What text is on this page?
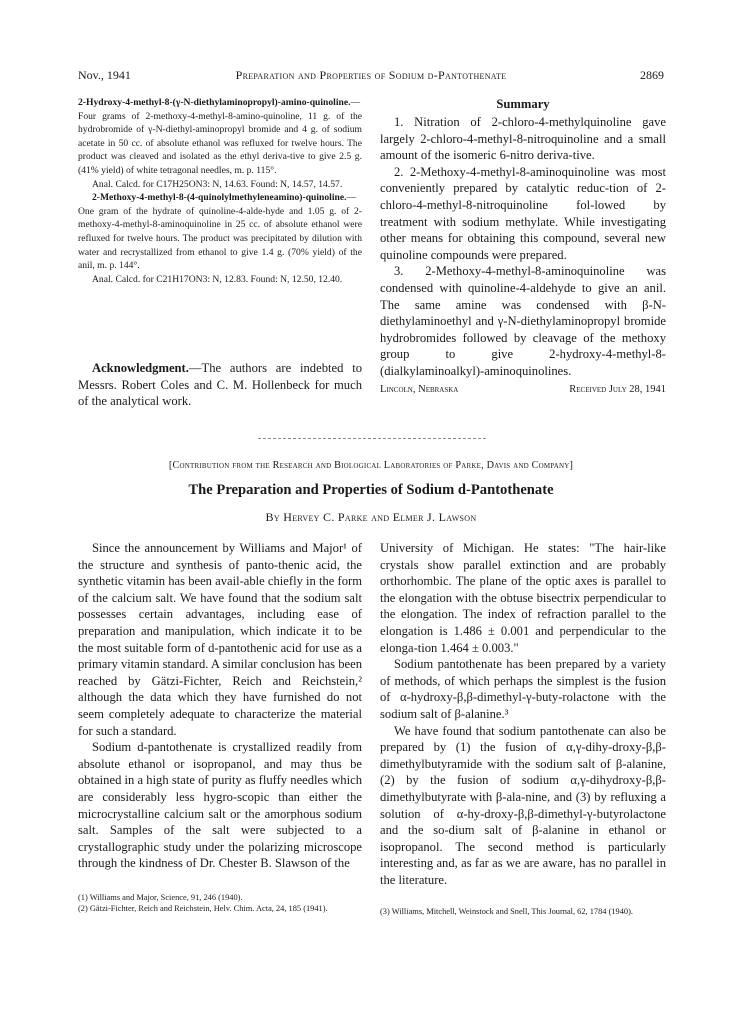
Nov., 1941	Preparation and Properties of Sodium d-Pantothenate	2869

2-Hydroxy-4-methyl-8-(γ-N-diethylaminopropyl)-amino-quinoline.—Four grams of 2-methoxy-4-methyl-8-amino-quinoline, 11 g. of the hydrobromide of γ-N-diethyl-aminopropyl bromide and 4 g. of sodium acetate in 50 cc. of absolute ethanol was refluxed for twelve hours. The product was cleaved and isolated as the ethyl deriva-tive to give 2.5 g. (41% yield) of white tetragonal needles, m. p. 115°.

Anal. Calcd. for C17H25ON3: N, 14.63. Found: N, 14.57, 14.57.

2-Methoxy-4-methyl-8-(4-quinolylmethyleneamino)-quinoline.—One gram of the hydrate of quinoline-4-alde-hyde and 1.05 g. of 2-methoxy-4-methyl-8-aminoquinoline in 25 cc. of absolute ethanol were refluxed for twelve hours. The product was precipitated by dilution with water and recrystallized from ethanol to give 1.4 g. (70% yield) of the anil, m. p. 144°.

Anal. Calcd. for C21H17ON3: N, 12.83. Found: N, 12.50, 12.40.

Acknowledgment.—The authors are indebted to Messrs. Robert Coles and C. M. Hollenbeck for much of the analytical work.

Summary

1. Nitration of 2-chloro-4-methylquinoline gave largely 2-chloro-4-methyl-8-nitroquinoline and a small amount of the isomeric 6-nitro deriva-tive.

2. 2-Methoxy-4-methyl-8-aminoquinoline was most conveniently prepared by catalytic reduc-tion of 2-chloro-4-methyl-8-nitroquinoline fol-lowed by treatment with sodium methylate. While investigating other means for obtaining this compound, several new quinoline compounds were prepared.

3. 2-Methoxy-4-methyl-8-aminoquinoline was condensed with quinoline-4-aldehyde to give an anil. The same amine was condensed with β-N-diethylaminoethyl and γ-N-diethylaminopropyl bromide hydrobromides followed by cleavage of the methoxy group to give 2-hydroxy-4-methyl-8-(dialkylaminoalkyl)-aminoquinolines.

Lincoln, Nebraska	Received July 28, 1941
[Contribution from the Research and Biological Laboratories of Parke, Davis and Company]
The Preparation and Properties of Sodium d-Pantothenate
By Hervey C. Parke and Elmer J. Lawson

Since the announcement by Williams and Major¹ of the structure and synthesis of panto-thenic acid, the synthetic vitamin has been avail-able chiefly in the form of the calcium salt. We have found that the sodium salt possesses certain advantages, including ease of preparation and manipulation, which indicate it to be the most suitable form of d-pantothenic acid for use as a primary vitamin standard. A similar conclusion has been reached by Gätzi-Fichter, Reich and Reichstein,² although the data which they have furnished do not seem completely adequate to characterize the material for such a standard.

Sodium d-pantothenate is crystallized readily from absolute ethanol or isopropanol, and may thus be obtained in a high state of purity as fluffy needles which are considerably less hygro-scopic than either the microcrystalline calcium salt or the amorphous sodium salt. Samples of the salt were subjected to a crystallographic study under the polarizing microscope through the kindness of Dr. Chester B. Slawson of the

University of Michigan. He states: "The hair-like crystals show parallel extinction and are probably orthorhombic. The plane of the optic axes is parallel to the elongation with the obtuse bisectrix perpendicular to the elongation. The index of refraction parallel to the elongation is 1.486 ± 0.001 and perpendicular to the elonga-tion 1.464 ± 0.003."

Sodium pantothenate has been prepared by a variety of methods, of which perhaps the simplest is the fusion of α-hydroxy-β,β-dimethyl-γ-buty-rolactone with the sodium salt of β-alanine.³

We have found that sodium pantothenate can also be prepared by (1) the fusion of α,γ-dihy-droxy-β,β-dimethylbutyramide with the sodium salt of β-alanine, (2) by the fusion of sodium α,γ-dihydroxy-β,β-dimethylbutyrate with β-ala-nine, and (3) by refluxing a solution of α-hy-droxy-β,β-dimethyl-γ-butyrolactone and the so-dium salt of β-alanine in ethanol or isopropanol. The second method is particularly interesting and, as far as we are aware, has no parallel in the literature.

(1) Williams and Major, Science, 91, 246 (1940).
(2) Gätzi-Fichter, Reich and Reichstein, Helv. Chim. Acta, 24, 185 (1941).	(3) Williams, Mitchell, Weinstock and Snell, This Journal, 62, 1784 (1940).
